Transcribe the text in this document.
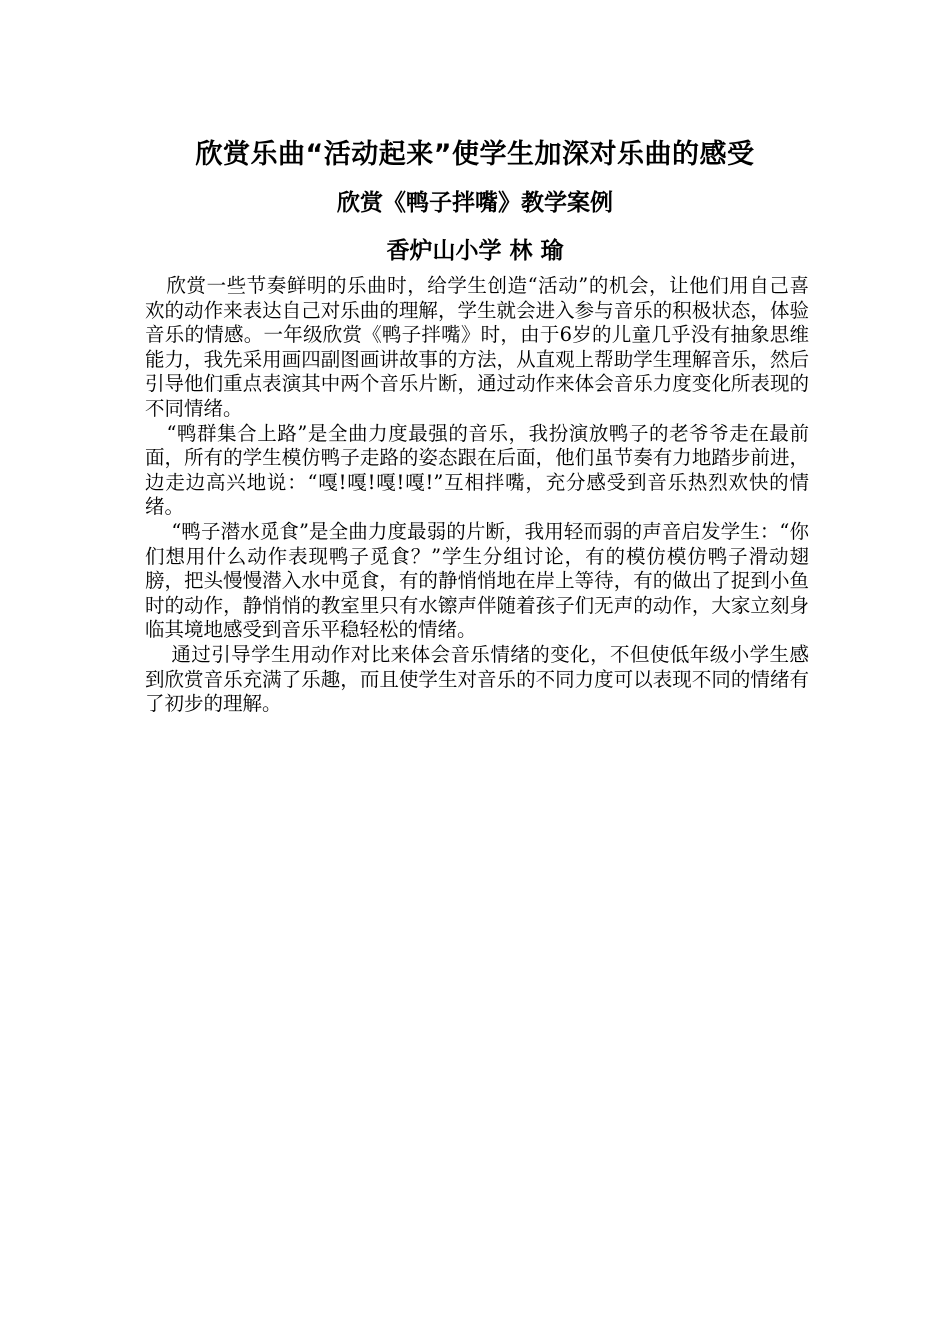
欣赏乐曲“活动起来”使学生加深对乐曲的感受
欣赏《鸭子拌嘴》教学案例
香炉山小学 林 瑜

欣赏一些节奏鲜明的乐曲时，给学生创造“活动”的机会，让他们用自己喜欢的动作来表达自己对乐曲的理解，学生就会进入参与音乐的积极状态，体验音乐的情感。一年级欣赏《鸭子拌嘴》时，由于6岁的儿童几乎没有抽象思维能力，我先采用画四副图画讲故事的方法，从直观上帮助学生理解音乐，然后引导他们重点表演其中两个音乐片断，通过动作来体会音乐力度变化所表现的不同情绪。

“鸭群集合上路”是全曲力度最强的音乐，我扮演放鸭子的老爷爷走在最前面，所有的学生模仿鸭子走路的姿态跟在后面，他们虽节奏有力地踏步前进，边走边高兴地说：“嘎!嘎!嘎!嘎!”互相拌嘴，充分感受到音乐热烈欢快的情绪。

“鸭子潜水觅食”是全曲力度最弱的片断，我用轻而弱的声音启发学生：“你们想用什么动作表现鸭子觅食？”学生分组讨论，有的模仿模仿鸭子滑动翅膀，把头慢慢潜入水中觅食，有的静悄悄地在岸上等待，有的做出了捉到小鱼时的动作，静悄悄的教室里只有水镲声伴随着孩子们无声的动作，大家立刻身临其境地感受到音乐平稳轻松的情绪。

通过引导学生用动作对比来体会音乐情绪的变化，不但使低年级小学生感到欣赏音乐充满了乐趣，而且使学生对音乐的不同力度可以表现不同的情绪有了初步的理解。
